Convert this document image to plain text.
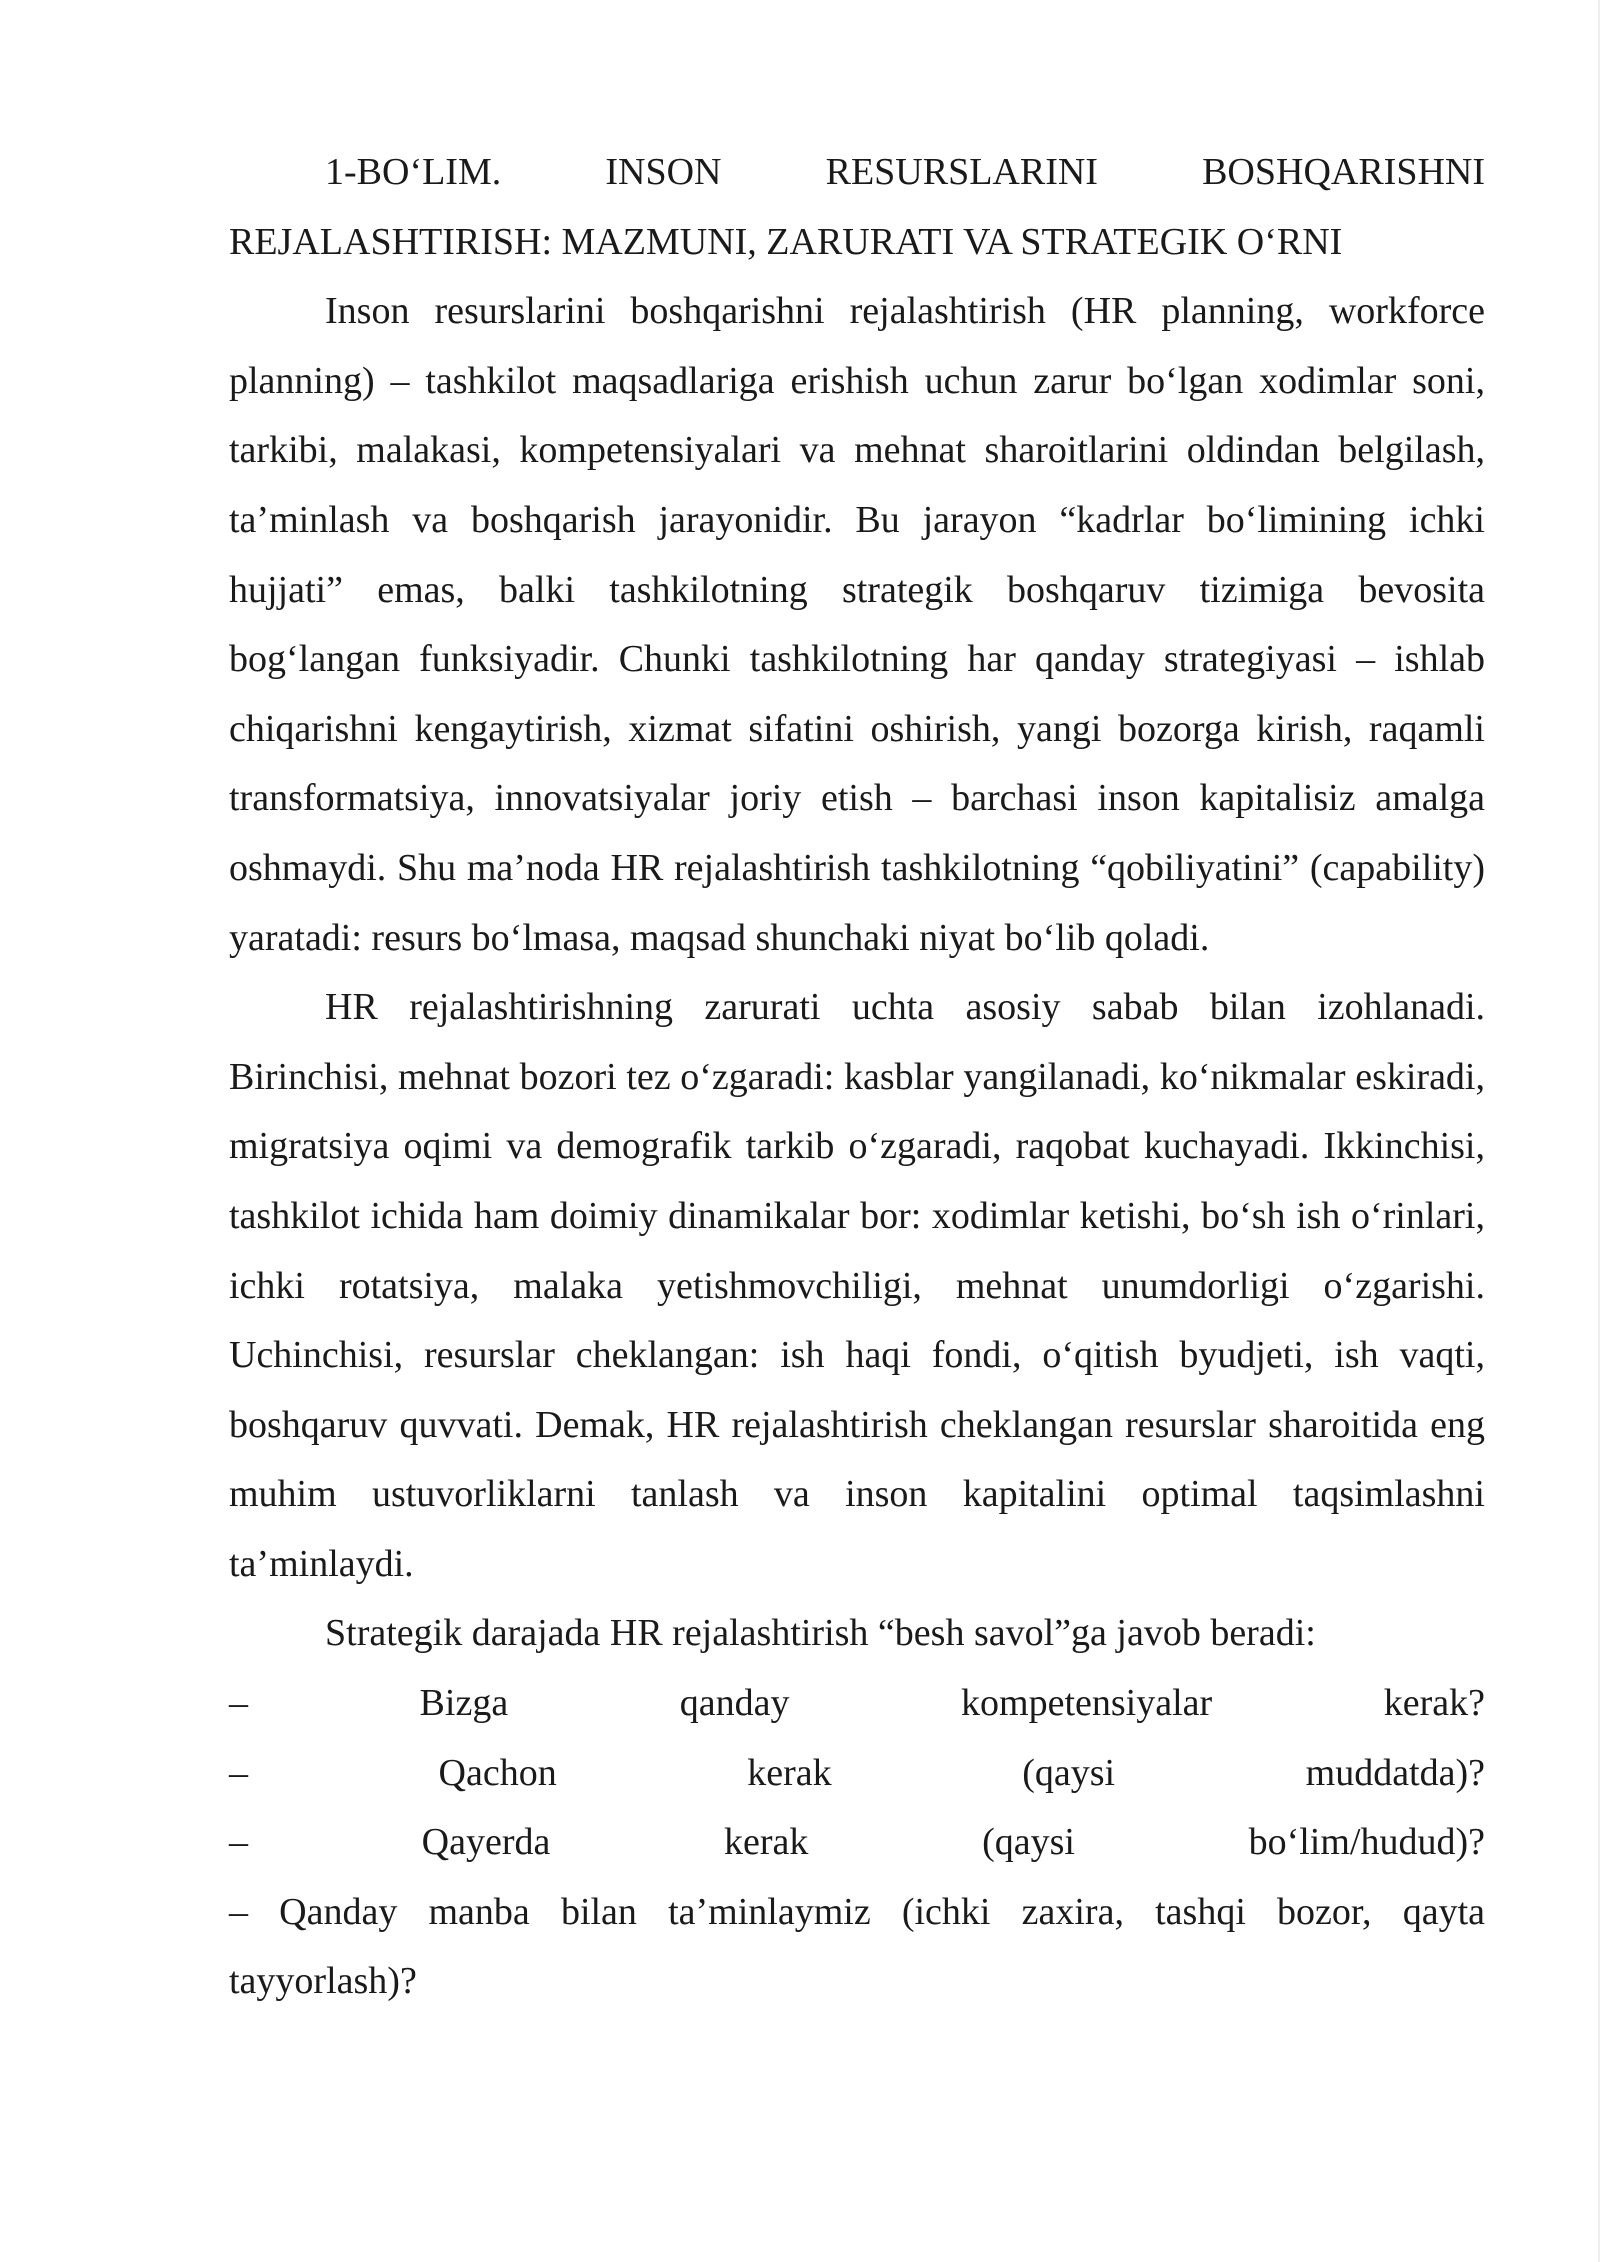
1-BO‘LIM. INSON RESURSLARINI BOSHQARISHNI REJALASHTIRISH: MAZMUNI, ZARURATI VA STRATEGIK O‘RNI

Inson resurslarini boshqarishni rejalashtirish (HR planning, workforce planning) – tashkilot maqsadlariga erishish uchun zarur bo‘lgan xodimlar soni, tarkibi, malakasi, kompetensiyalari va mehnat sharoitlarini oldindan belgilash, ta’minlash va boshqarish jarayonidir. Bu jarayon “kadrlar bo‘limining ichki hujjati” emas, balki tashkilotning strategik boshqaruv tizimiga bevosita bog‘langan funksiyadir. Chunki tashkilotning har qanday strategiyasi – ishlab chiqarishni kengaytirish, xizmat sifatini oshirish, yangi bozorga kirish, raqamli transformatsiya, innovatsiyalar joriy etish – barchasi inson kapitalisiz amalga oshmaydi. Shu ma’noda HR rejalashtirish tashkilotning “qobiliyatini” (capability) yaratadi: resurs bo‘lmasa, maqsad shunchaki niyat bo‘lib qoladi.

HR rejalashtirishning zarurati uchta asosiy sabab bilan izohlanadi. Birinchisi, mehnat bozori tez o‘zgaradi: kasblar yangilanadi, ko‘nikmalar eskiradi, migratsiya oqimi va demografik tarkib o‘zgaradi, raqobat kuchayadi. Ikkinchisi, tashkilot ichida ham doimiy dinamikalar bor: xodimlar ketishi, bo‘sh ish o‘rinlari, ichki rotatsiya, malaka yetishmovchiligi, mehnat unumdorligi o‘zgarishi. Uchinchisi, resurslar cheklangan: ish haqi fondi, o‘qitish byudjeti, ish vaqti, boshqaruv quvvati. Demak, HR rejalashtirish cheklangan resurslar sharoitida eng muhim ustuvorliklarni tanlash va inson kapitalini optimal taqsimlashni ta’minlaydi.

Strategik darajada HR rejalashtirish “besh savol”ga javob beradi:

– Bizga qanday kompetensiyalar kerak?

– Qachon kerak (qaysi muddatda)?

– Qayerda kerak (qaysi bo‘lim/hudud)?

– Qanday manba bilan ta’minlaymiz (ichki zaxira, tashqi bozor, qayta tayyorlash)?
